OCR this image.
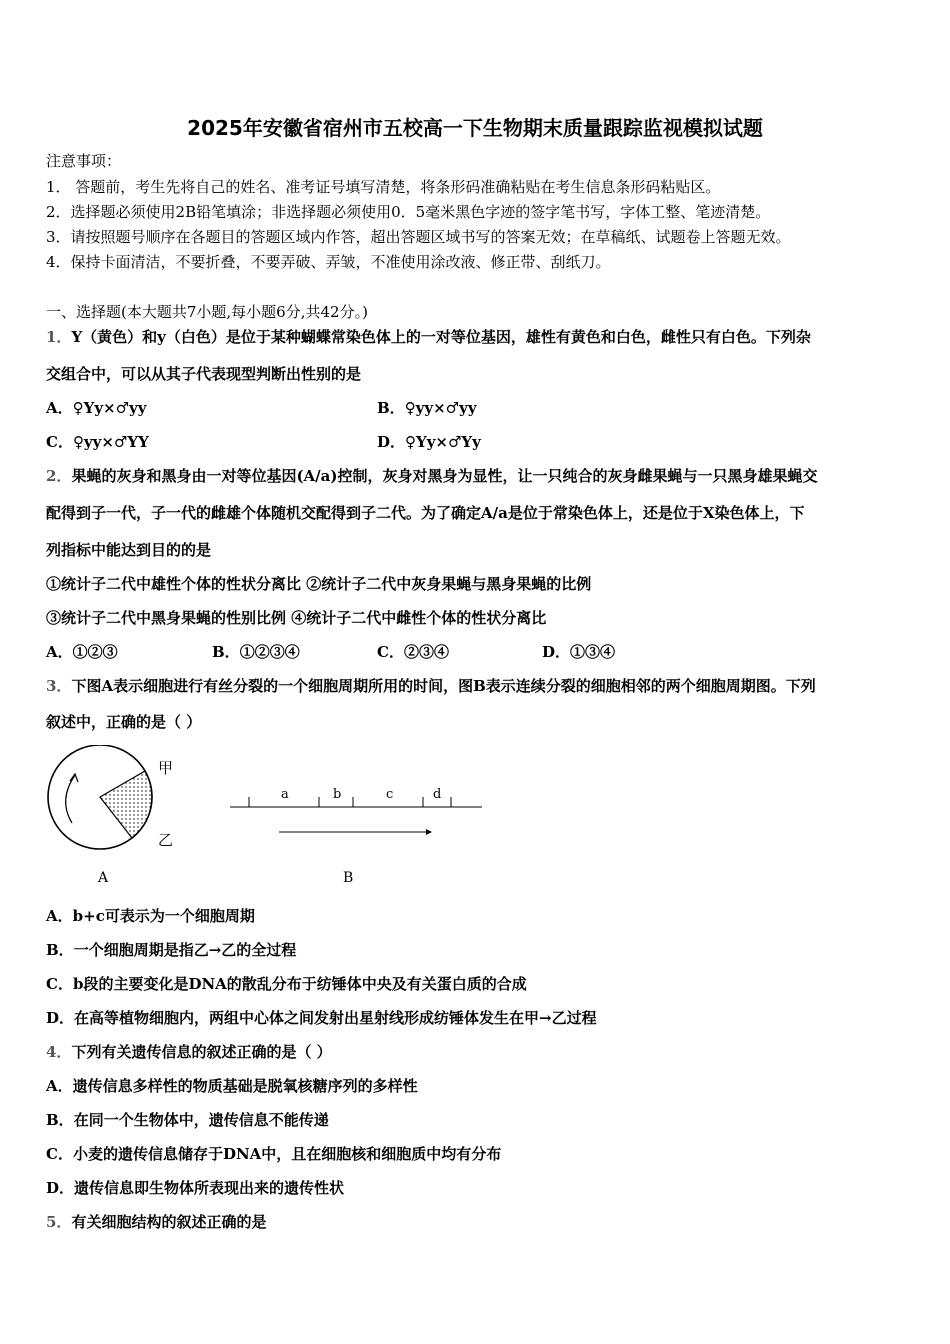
2025年安徽省宿州市五校高一下生物期末质量跟踪监视模拟试题
注意事项：
1． 答题前，考生先将自己的姓名、准考证号填写清楚，将条形码准确粘贴在考生信息条形码粘贴区。
2．选择题必须使用2B铅笔填涂；非选择题必须使用0．5毫米黑色字迹的签字笔书写，字体工整、笔迹清楚。
3．请按照题号顺序在各题目的答题区域内作答，超出答题区域书写的答案无效；在草稿纸、试题卷上答题无效。
4．保持卡面清洁，不要折叠，不要弄破、弄皱，不准使用涂改液、修正带、刮纸刀。
一、选择题(本大题共7小题,每小题6分,共42分。)
1．Y（黄色）和y（白色）是位于某种蝴蝶常染色体上的一对等位基因，雄性有黄色和白色，雌性只有白色。下列杂
交组合中，可以从其子代表现型判断出性别的是
A．♀Yy×♂yy	B．♀yy×♂yy
C．♀yy×♂YY	D．♀Yy×♂Yy
2．果蝇的灰身和黑身由一对等位基因(A/a)控制，灰身对黑身为显性，让一只纯合的灰身雌果蝇与一只黑身雄果蝇交
配得到子一代，子一代的雌雄个体随机交配得到子二代。为了确定A/a是位于常染色体上，还是位于X染色体上，下
列指标中能达到目的的是
①统计子二代中雄性个体的性状分离比 ②统计子二代中灰身果蝇与黑身果蝇的比例
③统计子二代中黑身果蝇的性别比例 ④统计子二代中雌性个体的性状分离比
A．①②③	B．①②③④	C．②③④	D．①③④
3．下图A表示细胞进行有丝分裂的一个细胞周期所用的时间，图B表示连续分裂的细胞相邻的两个细胞周期图。下列
叙述中，正确的是（ ）
甲
乙
A
a	b	c	d
B
A．b+c可表示为一个细胞周期
B．一个细胞周期是指乙→乙的全过程
C．b段的主要变化是DNA的散乱分布于纺锤体中央及有关蛋白质的合成
D．在高等植物细胞内，两组中心体之间发射出星射线形成纺锤体发生在甲→乙过程
4．下列有关遗传信息的叙述正确的是（ ）
A．遗传信息多样性的物质基础是脱氧核糖序列的多样性
B．在同一个生物体中，遗传信息不能传递
C．小麦的遗传信息储存于DNA中，且在细胞核和细胞质中均有分布
D．遗传信息即生物体所表现出来的遗传性状
5．有关细胞结构的叙述正确的是
